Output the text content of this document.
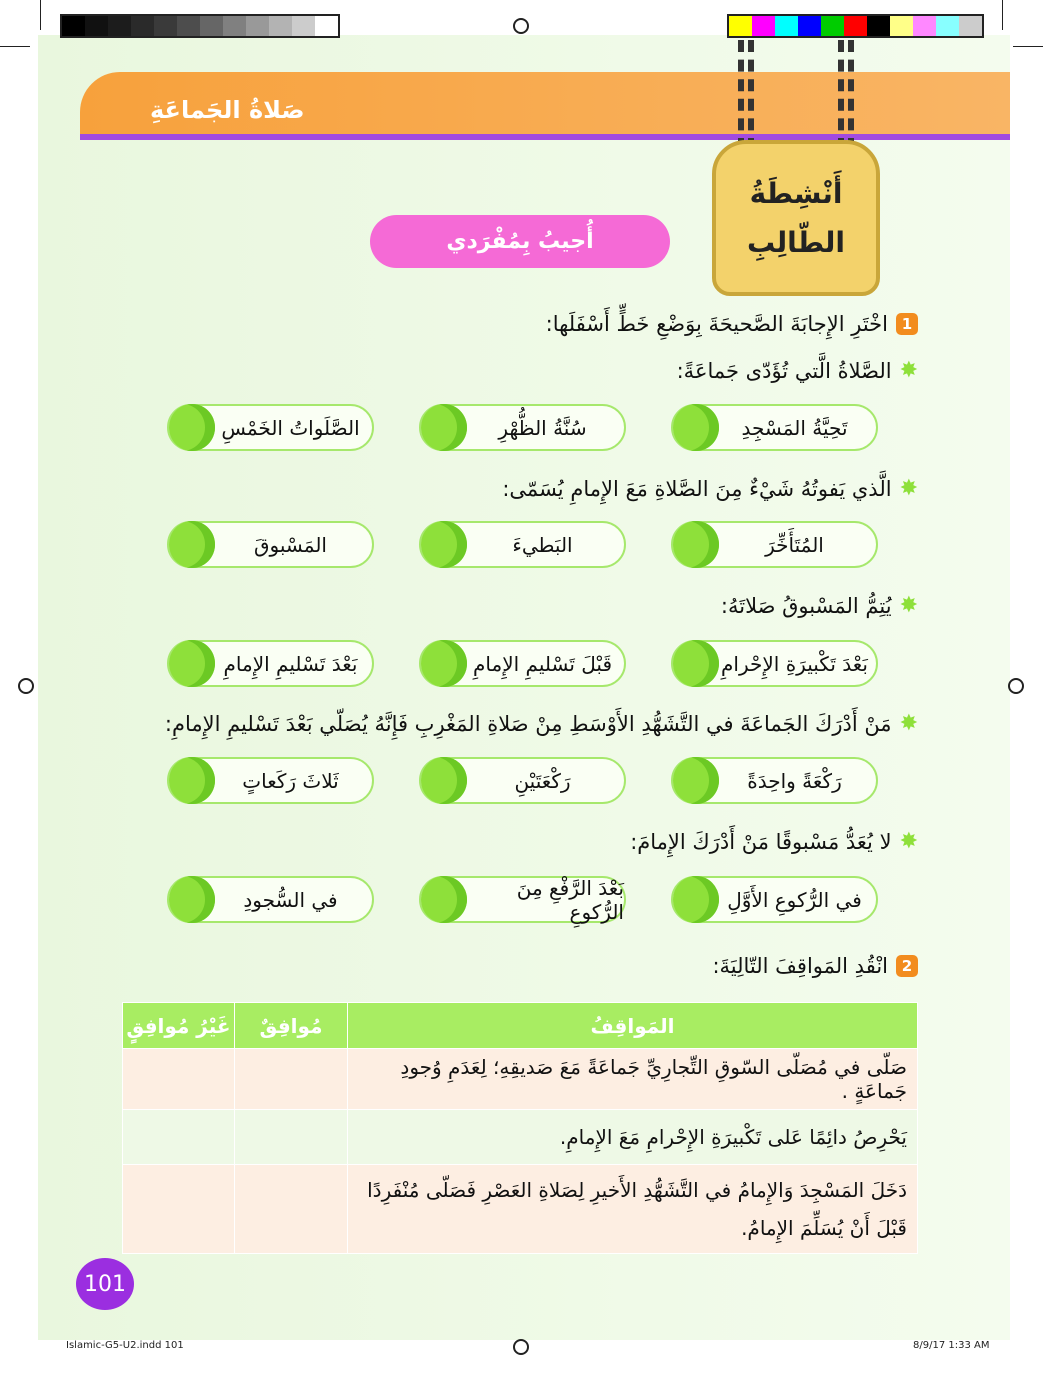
صَلاةُ الجَماعَةِ
أُجيبُ بِمُفْرَدي
أَنْشِطَةُ
الطّالِبِ
1
اخْتَرِ الإِجابَةَ الصَّحيحَةَ بِوَضْعِ خَطٍّ أَسْفَلَها:
✸
الصَّلاةُ الَّتي تُؤَدّى جَماعَةً:
تَحِيَّةُ المَسْجِدِ
سُنَّةُ الظُّهْرِ
الصَّلَواتُ الخَمْسِ
✸
الَّذي يَفوتُهُ شَيْءٌ مِنَ الصَّلاةِ مَعَ الإِمامِ يُسَمّى:
المُتَأَخِّرَ
البَطيءَ
المَسْبوقَ
✸
يُتِمُّ المَسْبوقُ صَلاتَهُ:
بَعْدَ تَكْبيرَةِ الإِحْرامِ
قَبْلَ تَسْليمِ الإِمامِ
بَعْدَ تَسْليمِ الإِمامِ
✸
مَنْ أَدْرَكَ الجَماعَةَ في التَّشَهُّدِ الأَوْسَطِ مِنْ صَلاةِ المَغْرِبِ فَإِنَّهُ يُصَلّي بَعْدَ تَسْليمِ الإِمامِ:
رَكْعَةً واحِدَةً
رَكْعَتَيْنِ
ثَلاثَ رَكَعاتٍ
✸
لا يُعَدُّ مَسْبوقًا مَنْ أَدْرَكَ الإِمامَ:
في الرُّكوعِ الأَوَّلِ
بَعْدَ الرَّفْعِ مِنَ الرُّكوعِ
في السُّجودِ
2
انْقُدِ المَواقِفَ التّالِيَةَ:
المَواقِفُ	مُوافِقٌ	غَيْرُ مُوافِقٍ
صَلّى في مُصَلّى السّوقِ التِّجارِيِّ جَماعَةً مَعَ صَديقِهِ؛ لِعَدَمِ وُجودِ جَماعَةٍ .		
يَحْرِصُ دائِمًا عَلى تَكْبيرَةِ الإِحْرامِ مَعَ الإِمامِ.		
دَخَلَ المَسْجِدَ وَالإِمامُ في التَّشَهُّدِ الأَخيرِ لِصَلاةِ العَصْرِ فَصَلّى مُنْفَرِدًا قَبْلَ أَنْ يُسَلِّمَ الإِمامُ.		
101
Islamic-G5-U2.indd 101	8/9/17 1:33 AM
